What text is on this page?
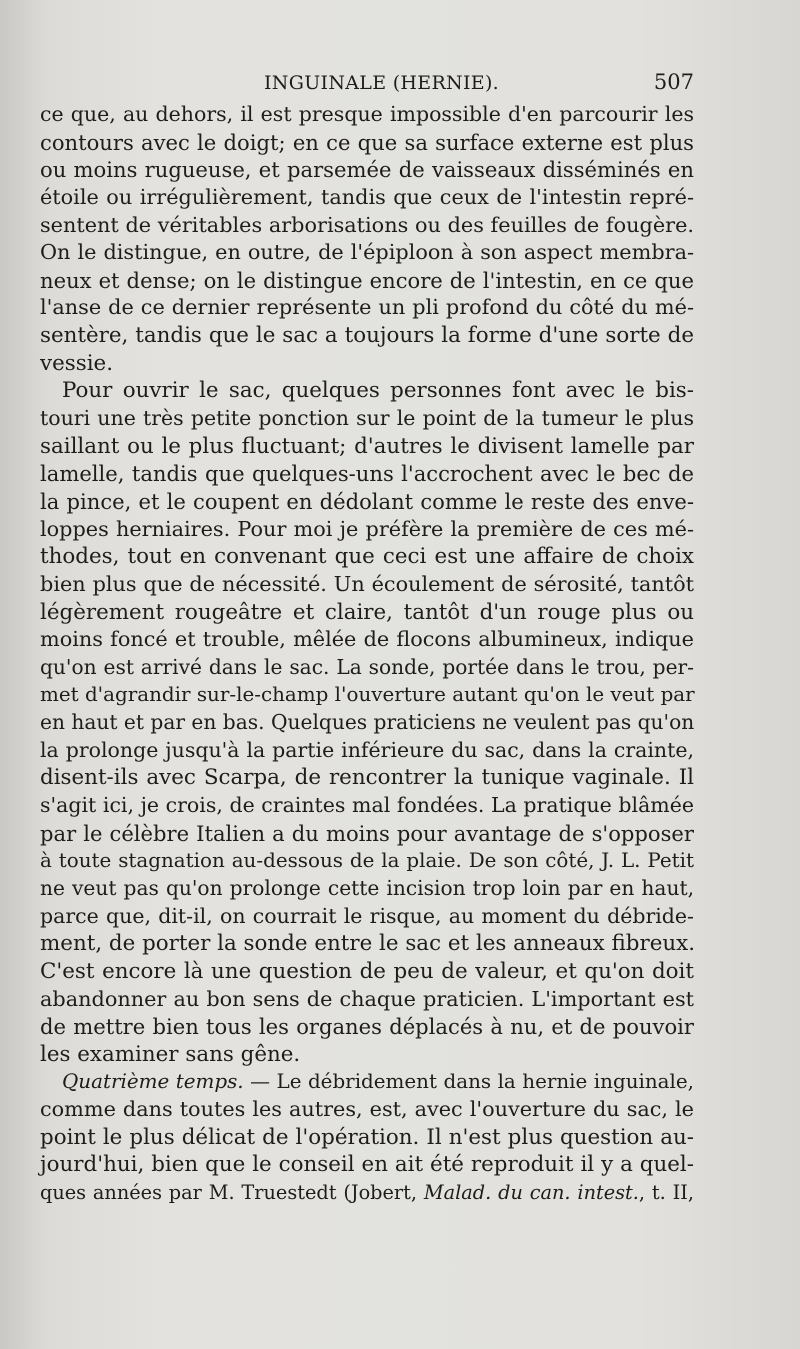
INGUINALE (HERNIE).	507
ce que, au dehors, il est presque impossible d'en parcourir les
contours avec le doigt; en ce que sa surface externe est plus
ou moins rugueuse, et parsemée de vaisseaux disséminés en
étoile ou irrégulièrement, tandis que ceux de l'intestin repré-
sentent de véritables arborisations ou des feuilles de fougère.
On le distingue, en outre, de l'épiploon à son aspect membra-
neux et dense; on le distingue encore de l'intestin, en ce que
l'anse de ce dernier représente un pli profond du côté du mé-
sentère, tandis que le sac a toujours la forme d'une sorte de
vessie.
Pour ouvrir le sac, quelques personnes font avec le bis-
touri une très petite ponction sur le point de la tumeur le plus
saillant ou le plus fluctuant; d'autres le divisent lamelle par
lamelle, tandis que quelques-uns l'accrochent avec le bec de
la pince, et le coupent en dédolant comme le reste des enve-
loppes herniaires. Pour moi je préfère la première de ces mé-
thodes, tout en convenant que ceci est une affaire de choix
bien plus que de nécessité. Un écoulement de sérosité, tantôt
légèrement rougeâtre et claire, tantôt d'un rouge plus ou
moins foncé et trouble, mêlée de flocons albumineux, indique
qu'on est arrivé dans le sac. La sonde, portée dans le trou, per-
met d'agrandir sur-le-champ l'ouverture autant qu'on le veut par
en haut et par en bas. Quelques praticiens ne veulent pas qu'on
la prolonge jusqu'à la partie inférieure du sac, dans la crainte,
disent-ils avec Scarpa, de rencontrer la tunique vaginale. Il
s'agit ici, je crois, de craintes mal fondées. La pratique blâmée
par le célèbre Italien a du moins pour avantage de s'opposer
à toute stagnation au-dessous de la plaie. De son côté, J. L. Petit
ne veut pas qu'on prolonge cette incision trop loin par en haut,
parce que, dit-il, on courrait le risque, au moment du débride-
ment, de porter la sonde entre le sac et les anneaux fibreux.
C'est encore là une question de peu de valeur, et qu'on doit
abandonner au bon sens de chaque praticien. L'important est
de mettre bien tous les organes déplacés à nu, et de pouvoir
les examiner sans gêne.
Quatrième temps. — Le débridement dans la hernie inguinale,
comme dans toutes les autres, est, avec l'ouverture du sac, le
point le plus délicat de l'opération. Il n'est plus question au-
jourd'hui, bien que le conseil en ait été reproduit il y a quel-
ques années par M. Truestedt (Jobert, Malad. du can. intest., t. II,
